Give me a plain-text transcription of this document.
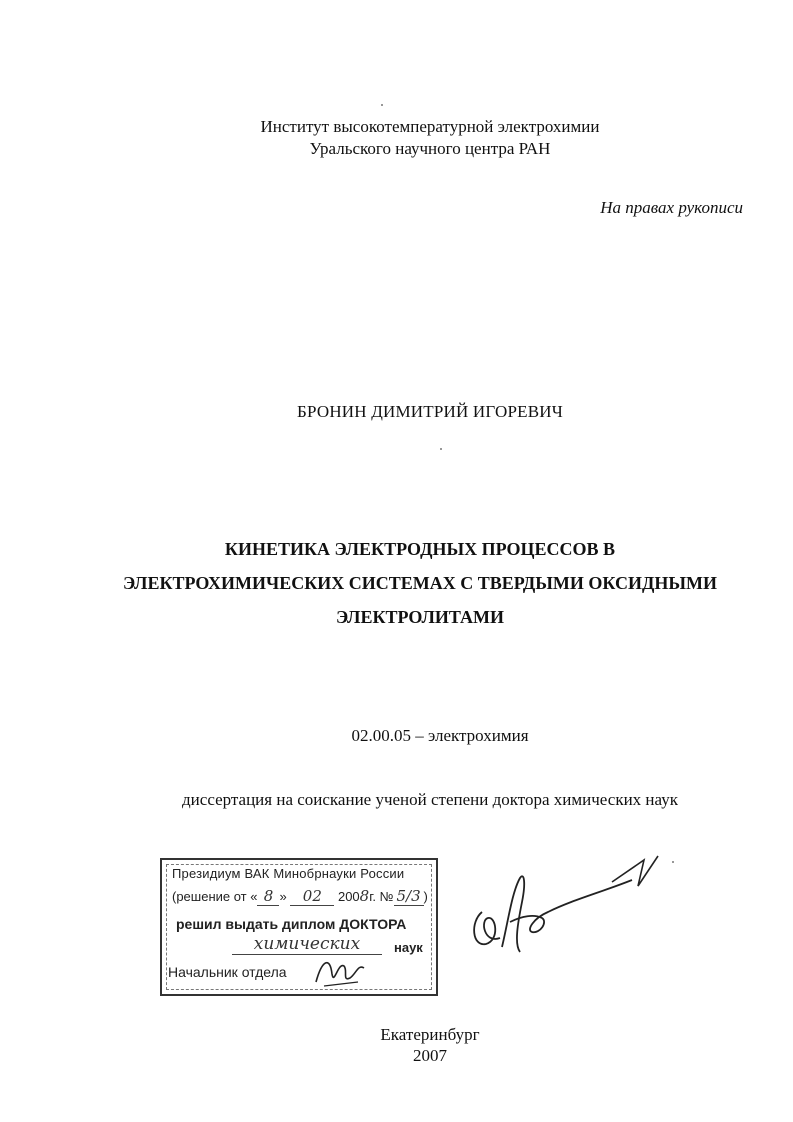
Институт высокотемпературной электрохимии
Уральского научного центра РАН
На правах рукописи
БРОНИН ДИМИТРИЙ ИГОРЕВИЧ
КИНЕТИКА ЭЛЕКТРОДНЫХ ПРОЦЕССОВ В
ЭЛЕКТРОХИМИЧЕСКИХ СИСТЕМАХ С ТВЕРДЫМИ ОКСИДНЫМИ
ЭЛЕКТРОЛИТАМИ
02.00.05 – электрохимия
диссертация на соискание ученой степени доктора химических наук
Президиум ВАК Минобрнауки России
(решение от « 8 » 02 2008г. № 5/3 )
решил выдать диплом ДОКТОРА
химических	наук
Начальник отдела
Екатеринбург
2007
